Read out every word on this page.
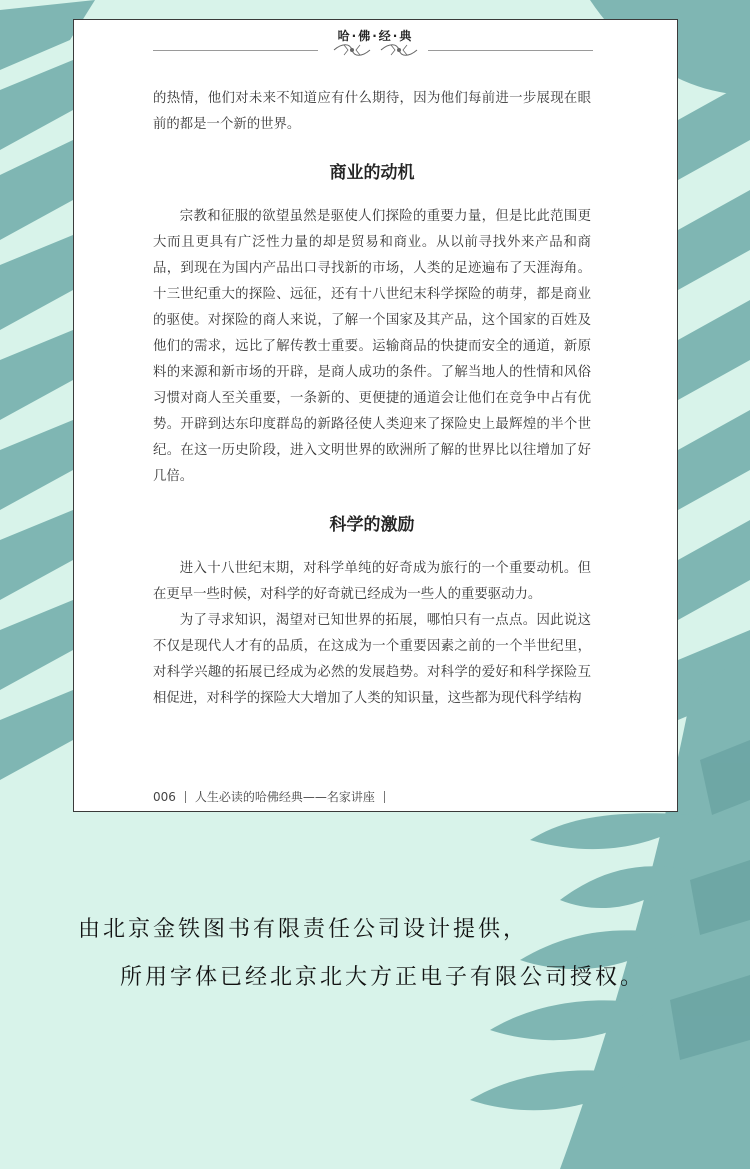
哈·佛·经·典

的热情，他们对未来不知道应有什么期待，因为他们每前进一步展现在眼前的都是一个新的世界。

商业的动机

宗教和征服的欲望虽然是驱使人们探险的重要力量，但是比此范围更大而且更具有广泛性力量的却是贸易和商业。从以前寻找外来产品和商品，到现在为国内产品出口寻找新的市场，人类的足迹遍布了天涯海角。十三世纪重大的探险、远征，还有十八世纪末科学探险的萌芽，都是商业的驱使。对探险的商人来说，了解一个国家及其产品，这个国家的百姓及他们的需求，远比了解传教士重要。运输商品的快捷而安全的通道，新原料的来源和新市场的开辟，是商人成功的条件。了解当地人的性情和风俗习惯对商人至关重要，一条新的、更便捷的通道会让他们在竞争中占有优势。开辟到达东印度群岛的新路径使人类迎来了探险史上最辉煌的半个世纪。在这一历史阶段，进入文明世界的欧洲所了解的世界比以往增加了好几倍。

科学的激励

进入十八世纪末期，对科学单纯的好奇成为旅行的一个重要动机。但在更早一些时候，对科学的好奇就已经成为一些人的重要驱动力。

为了寻求知识，渴望对已知世界的拓展，哪怕只有一点点。因此说这不仅是现代人才有的品质，在这成为一个重要因素之前的一个半世纪里，对科学兴趣的拓展已经成为必然的发展趋势。对科学的爱好和科学探险互相促进，对科学的探险大大增加了人类的知识量，这些都为现代科学结构

006 人生必读的哈佛经典——名家讲座
由北京金铁图书有限责任公司设计提供，
所用字体已经北京北大方正电子有限公司授权。
